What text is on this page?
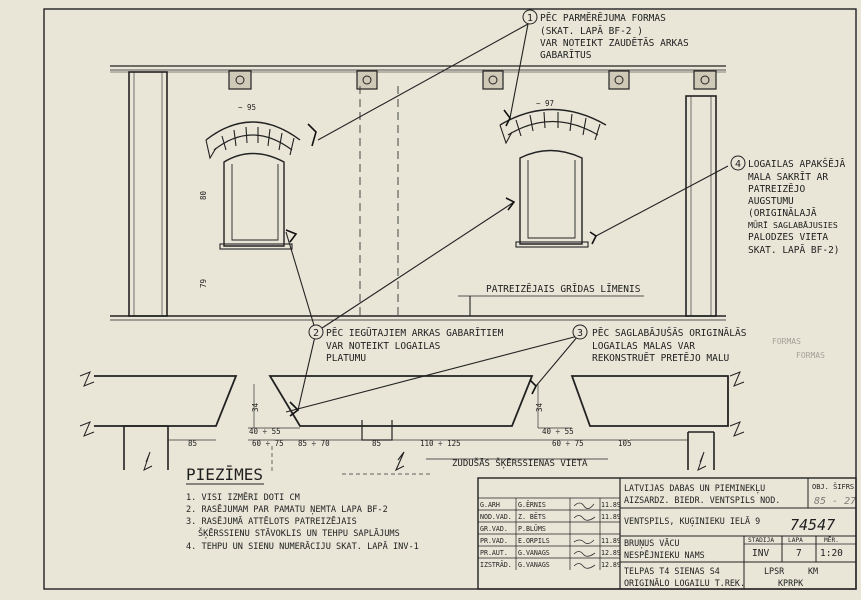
1
4
2	3
PĒC PARMĒRĒJUMA FORMAS
(SKAT. LAPĀ BF-2 )
VAR NOTEIKT ZAUDĒTĀS ARKAS
GABARĪTUS
LOGAILAS APAKŠĒJĀ
MALA SAKRĪT AR
PATREIZĒJO
AUGSTUMU
(ORIGINĀLAJĀ
MŪRĪ SAGLABĀJUSIES
PALODZES VIETA
SKAT. LAPĀ BF-2)
PĒC IEGŪTAJIEM ARKAS GABARĪTIEM
VAR NOTEIKT LOGAILAS
PLATUMU
PĒC SAGLABĀJUŠĀS ORIGINĀLĀS
LOGAILAS MALAS VAR
REKONSTRUĒT PRETĒJO MALU
PATREIZĒJAIS GRĪDAS LĪMENIS
ZUDUŠĀS ŠĶĒRSSIENAS VIETA
FORMAS
FORMAS
~ 95	~ 97
80
79
34	34
85
40 ÷ 55
60 ÷ 75 85 ÷ 70	85	110 ÷ 125
40 ÷ 55
60 ÷ 75	105
PIEZĪMES
1. VISI IZMĒRI DOTI CM
2. RASĒJUMAM PAR PAMATU ŅEMTA LAPA BF-2
3. RASĒJUMĀ ATTĒLOTS PATREIZĒJAIS
ŠĶĒRSSIENU STĀVOKLIS UN TEHPU SAPLĀJUMS
4. TEHPU UN SIENU NUMERĀCIJU SKAT. LAPĀ INV-1
G.ARH	G.ĒRNIS	11.89
NOD.VAD. Z. BĒTS	11.89
GR.VAD. P.BLŪMS
PR.VAD. E.ORPILS	11.89
PR.AUT. G.VANAGS	12.89
IZSTRĀD. G.VANAGS	12.89
LATVIJAS DABAS UN PIEMINEKĻU
AIZSARDZ. BIEDR. VENTSPILS NOD.
VENTSPILS, KUĢINIEKU IELĀ 9
BRUŅUS VĀCU
NESPĒJNIEKU NAMS
TELPAS T4 SIENAS S4
ORIGINĀLO LOGAILU T.REK.
OBJ. ŠIFRS
85 - 27
74547
STADIJA LAPA	MĒR.
INV	7 1:20
LPSR	KM
KPRPK
